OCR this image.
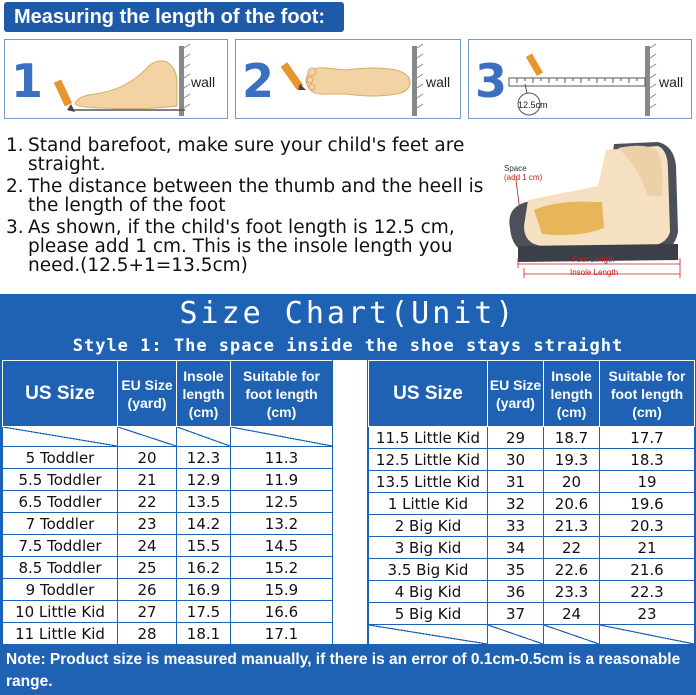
Measuring the length of the foot:
1	wall 2	wall 3 12.5cm
wall
1. Stand barefoot, make sure your child's feet are straight.
2. The distance between the thumb and the heell is the length of the foot
3. As shown, if the child's foot length is 12.5 cm, please add 1 cm. This is the insole length you need.(12.5+1=13.5cm)
Space
(add 1 cm)
Foot Length
Insole Length
Size Chart(Unit)
Style 1: The space inside the shoe stays straight
US Size	EU Size (yard)	Insole length (cm)	Suitable for foot length (cm)

5 Toddler	20	12.3	11.3
5.5 Toddler	21	12.9	11.9
6.5 Toddler	22	13.5	12.5
7 Toddler	23	14.2	13.2
7.5 Toddler	24	15.5	14.5
8.5 Toddler	25	16.2	15.2
9 Toddler	26	16.9	15.9
10 Little Kid	27	17.5	16.6
11 Little Kid	28	18.1	17.1
US Size	EU Size (yard)	Insole length (cm)	Suitable for foot length (cm)
11.5 Little Kid	29	18.7	17.7
12.5 Little Kid	30	19.3	18.3
13.5 Little Kid	31	20	19
1 Little Kid	32	20.6	19.6
2 Big Kid	33	21.3	20.3
3 Big Kid	34	22	21
3.5 Big Kid	35	22.6	21.6
4 Big Kid	36	23.3	22.3
5 Big Kid	37	24	23

Note: Product size is measured manually, if there is an error of 0.1cm-0.5cm is a reasonable range.
